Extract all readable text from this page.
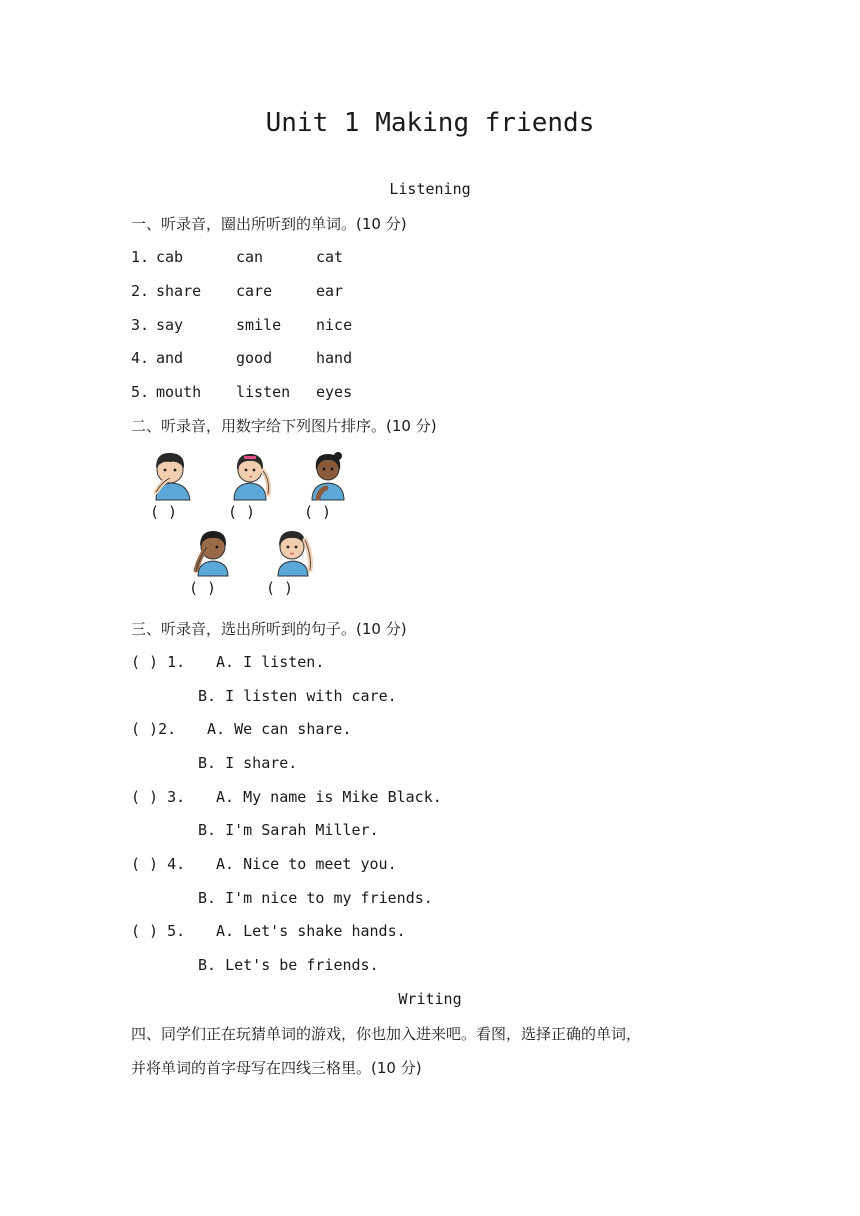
Unit 1 Making friends
Listening
一、听录音，圈出所听到的单词。(10 分)
1. cab	can	cat
2. share care	ear
3. say	smile nice
4. and	good	hand
5. mouth listen eyes
二、听录音，用数字给下列图片排序。(10 分)
( )	( )	( )
( )	( )
三、听录音，选出所听到的句子。(10 分)
( ) 1. A. I listen.
B. I listen with care.
( )2. A. We can share.
B. I share.
( ) 3. A. My name is Mike Black.
B. I'm Sarah Miller.
( ) 4. A. Nice to meet you.
B. I'm nice to my friends.
( ) 5. A. Let's shake hands.
B. Let's be friends.
Writing
四、同学们正在玩猜单词的游戏，你也加入进来吧。看图，选择正确的单词，
并将单词的首字母写在四线三格里。(10 分)
